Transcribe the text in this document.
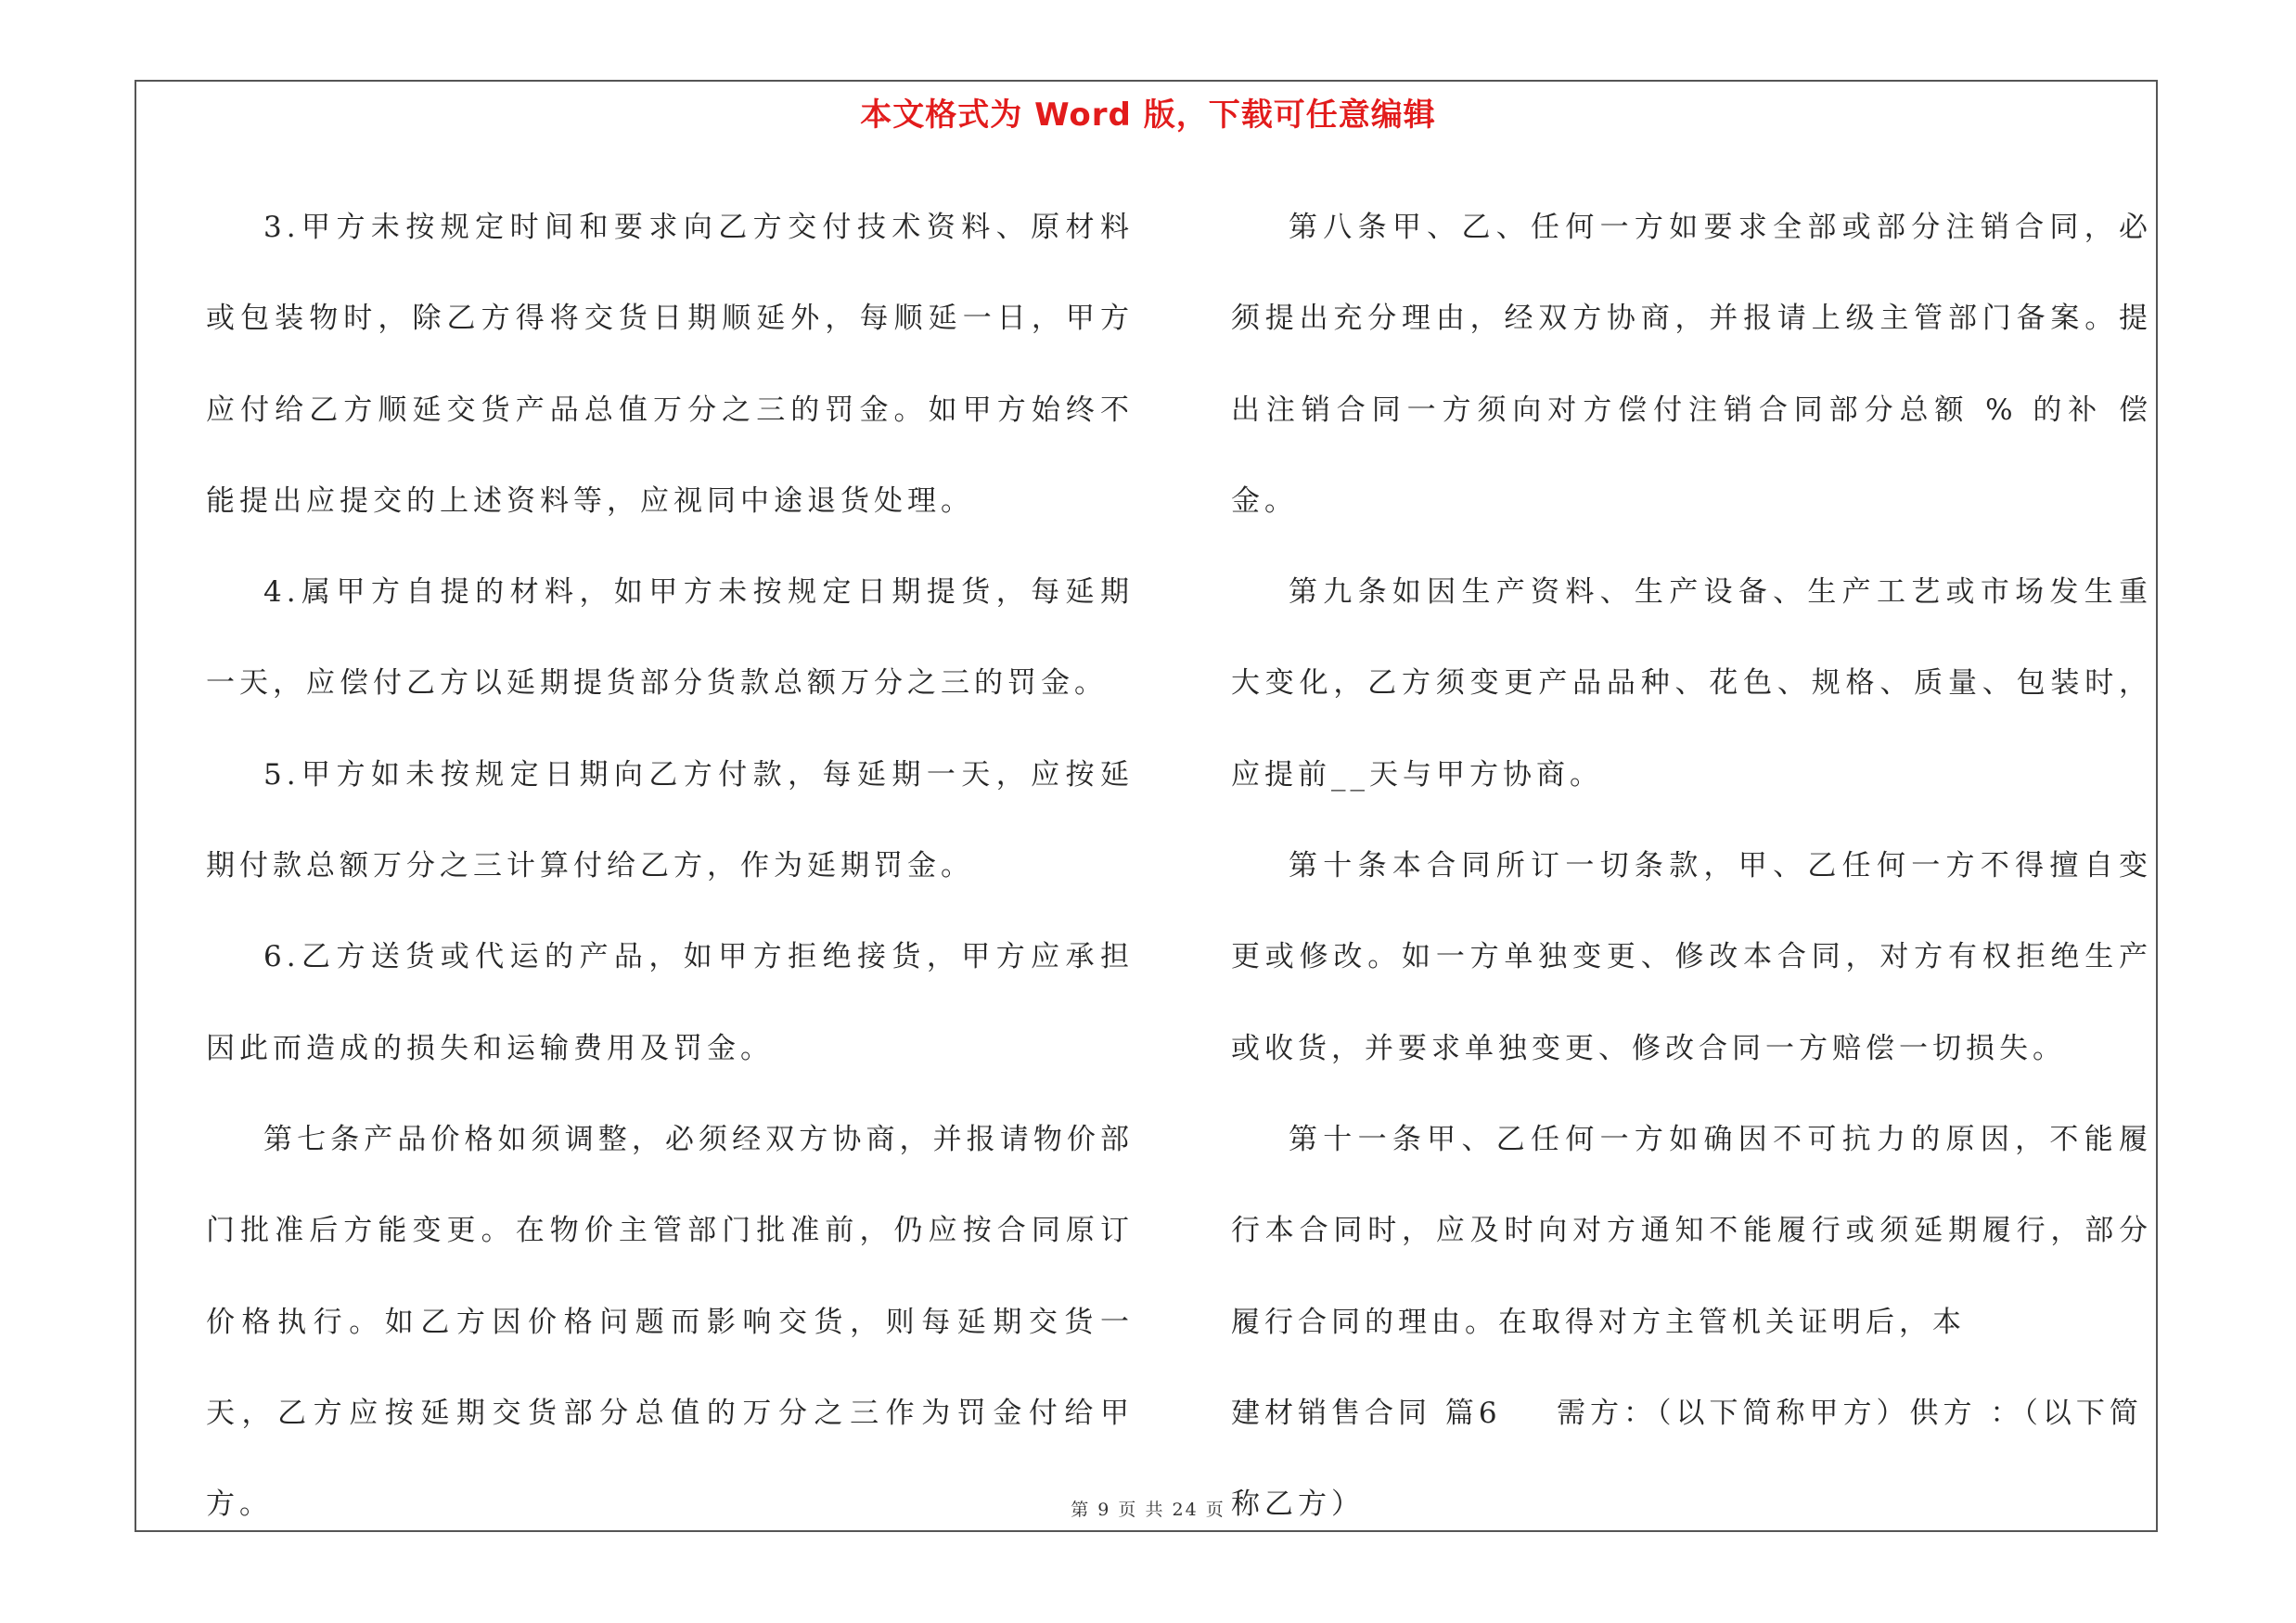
本文格式为 Word 版，下载可任意编辑

3.甲方未按规定时间和要求向乙方交付技术资料、原材料或包装物时，除乙方得将交货日期顺延外，每顺延一日，甲方应付给乙方顺延交货产品总值万分之三的罚金。如甲方始终不能提出应提交的上述资料等，应视同中途退货处理。

4.属甲方自提的材料，如甲方未按规定日期提货，每延期一天，应偿付乙方以延期提货部分货款总额万分之三的罚金。

5.甲方如未按规定日期向乙方付款，每延期一天，应按延期付款总额万分之三计算付给乙方，作为延期罚金。

6.乙方送货或代运的产品，如甲方拒绝接货，甲方应承担因此而造成的损失和运输费用及罚金。

第七条产品价格如须调整，必须经双方协商，并报请物价部门批准后方能变更。在物价主管部门批准前，仍应按合同原订价格执行。如乙方因价格问题而影响交货，则每延期交货一天，乙方应按延期交货部分总值的万分之三作为罚金付给甲方。

第八条甲、乙、任何一方如要求全部或部分注销合同，必须提出充分理由，经双方协商，并报请上级主管部门备案。提出注销合同一方须向对方偿付注销合同部分总额 % 的补 偿金。

第九条如因生产资料、生产设备、生产工艺或市场发生重大变化，乙方须变更产品品种、花色、规格、质量、包装时，应提前__天与甲方协商。

第十条本合同所订一切条款，甲、乙任何一方不得擅自变更或修改。如一方单独变更、修改本合同，对方有权拒绝生产或收货，并要求单独变更、修改合同一方赔偿一切损失。

第十一条甲、乙任何一方如确因不可抗力的原因，不能履行本合同时，应及时向对方通知不能履行或须延期履行，部分履行合同的理由。在取得对方主管机关证明后，本

建材销售合同 篇6    需方：（以下简称甲方）供方 ：（以下简

称乙方）

第 9 页 共 24 页
